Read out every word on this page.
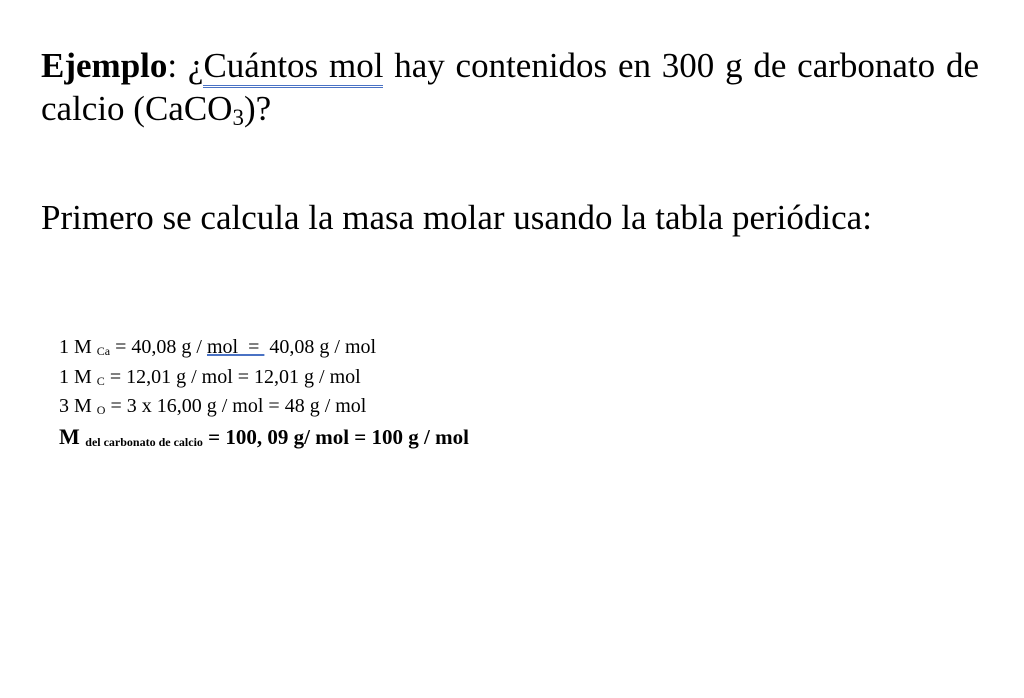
Ejemplo: ¿Cuántos mol hay contenidos en 300 g de carbonato de calcio (CaCO3)?
Primero se calcula la masa molar usando la tabla periódica:
1 M Ca = 40,08 g / mol  =  40,08 g / mol
1 M C = 12,01 g / mol = 12,01 g / mol
3 M O = 3 x 16,00 g / mol = 48 g / mol
M del carbonato de calcio = 100, 09 g/ mol = 100 g / mol
